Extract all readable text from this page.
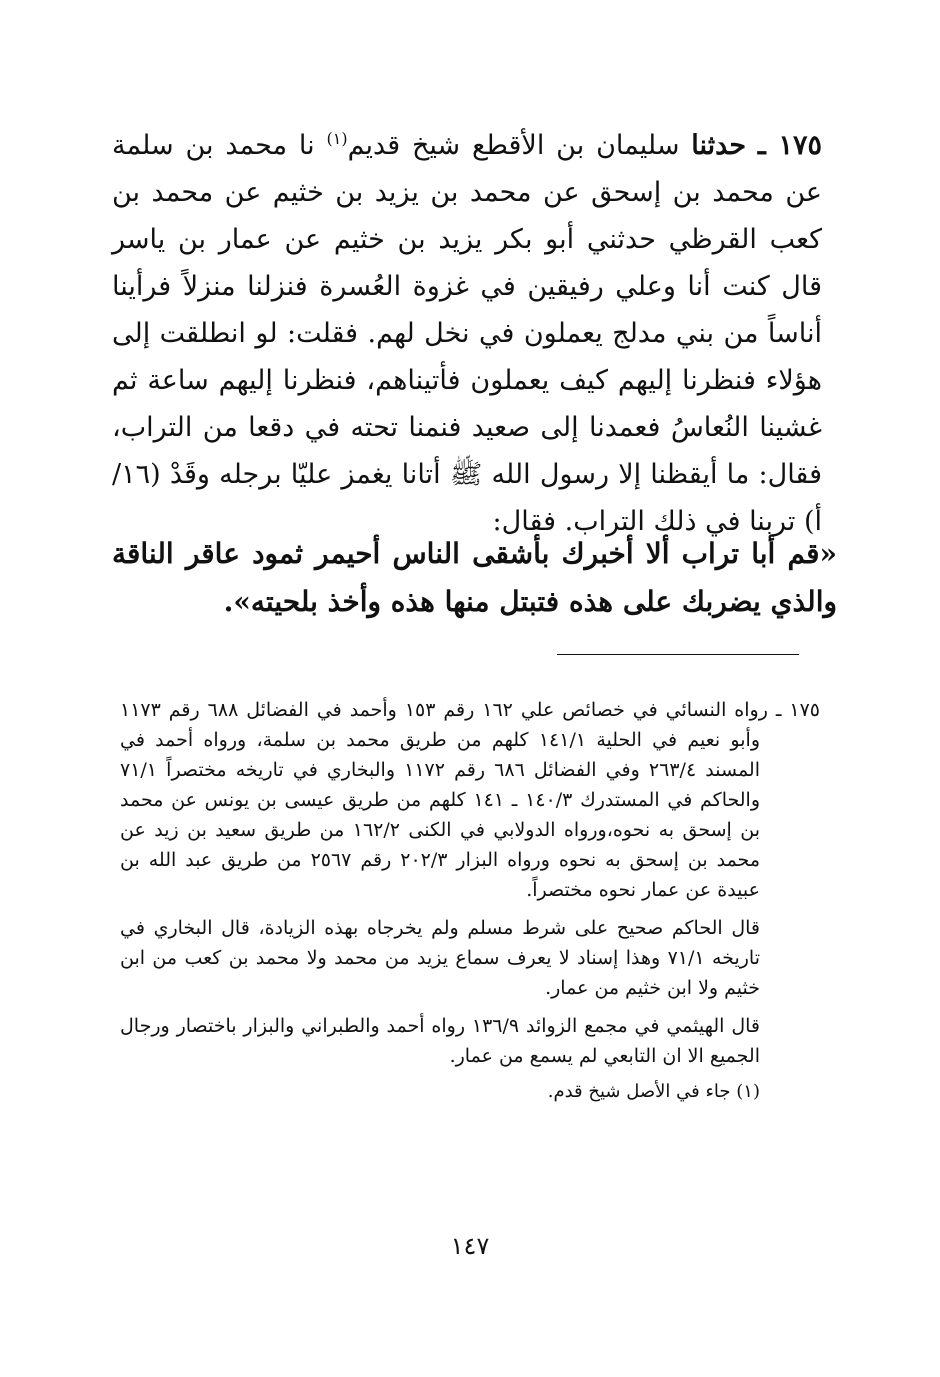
١٧٥ ـ حدثنا سليمان بن الأقطع شيخ قديم$^{(١)}$ نا محمد بن سلمة عن محمد بن إسحق عن محمد بن يزيد بن خثيم عن محمد بن كعب القرظي حدثني أبو بكر يزيد بن خثيم عن عمار بن ياسر قال كنت أنا وعلي رفيقين في غزوة العُسرة فنزلنا منزلاً فرأينا أناساً من بني مدلج يعملون في نخل لهم. فقلت: لو انطلقت إلى هؤلاء فنظرنا إليهم كيف يعملون فأتيناهم، فنظرنا إليهم ساعة ثم غشينا النُعاسُ فعمدنا إلى صعيد فنمنا تحته في دقعا من التراب، فقال: ما أيقظنا إلا رسول الله ﷺ أتانا يغمز عليّا برجله وقَدْ (١٦/أ) تربنا في ذلك التراب. فقال:

«قم أبا تراب ألا أخبرك بأشقى الناس أحيمر ثمود عاقر الناقة والذي يضربك على هذه فتبتل منها هذه وأخذ بلحيته».

١٧٥ ـ رواه النسائي في خصائص علي ١٦٢ رقم ١٥٣ وأحمد في الفضائل ٦٨٨ رقم ١١٧٣ وأبو نعيم في الحلية ١٤١/١ كلهم من طريق محمد بن سلمة، ورواه أحمد في المسند ٢٦٣/٤ وفي الفضائل ٦٨٦ رقم ١١٧٢ والبخاري في تاريخه مختصراً ٧١/١ والحاكم في المستدرك ١٤٠/٣ ـ ١٤١ كلهم من طريق عيسى بن يونس عن محمد بن إسحق به نحوه،ورواه الدولابي في الكنى ١٦٢/٢ من طريق سعيد بن زيد عن محمد بن إسحق به نحوه ورواه البزار ٢٠٢/٣ رقم ٢٥٦٧ من طريق عبد الله بن عبيدة عن عمار نحوه مختصراً.

قال الحاكم صحيح على شرط مسلم ولم يخرجاه بهذه الزيادة، قال البخاري في تاريخه ٧١/١ وهذا إسناد لا يعرف سماع يزيد من محمد ولا محمد بن كعب من ابن خثيم ولا ابن خثيم من عمار.

قال الهيثمي في مجمع الزوائد ١٣٦/٩ رواه أحمد والطبراني والبزار باختصار ورجال الجميع الا ان التابعي لم يسمع من عمار.

(١) جاء في الأصل شيخ قدم.

١٤٧
